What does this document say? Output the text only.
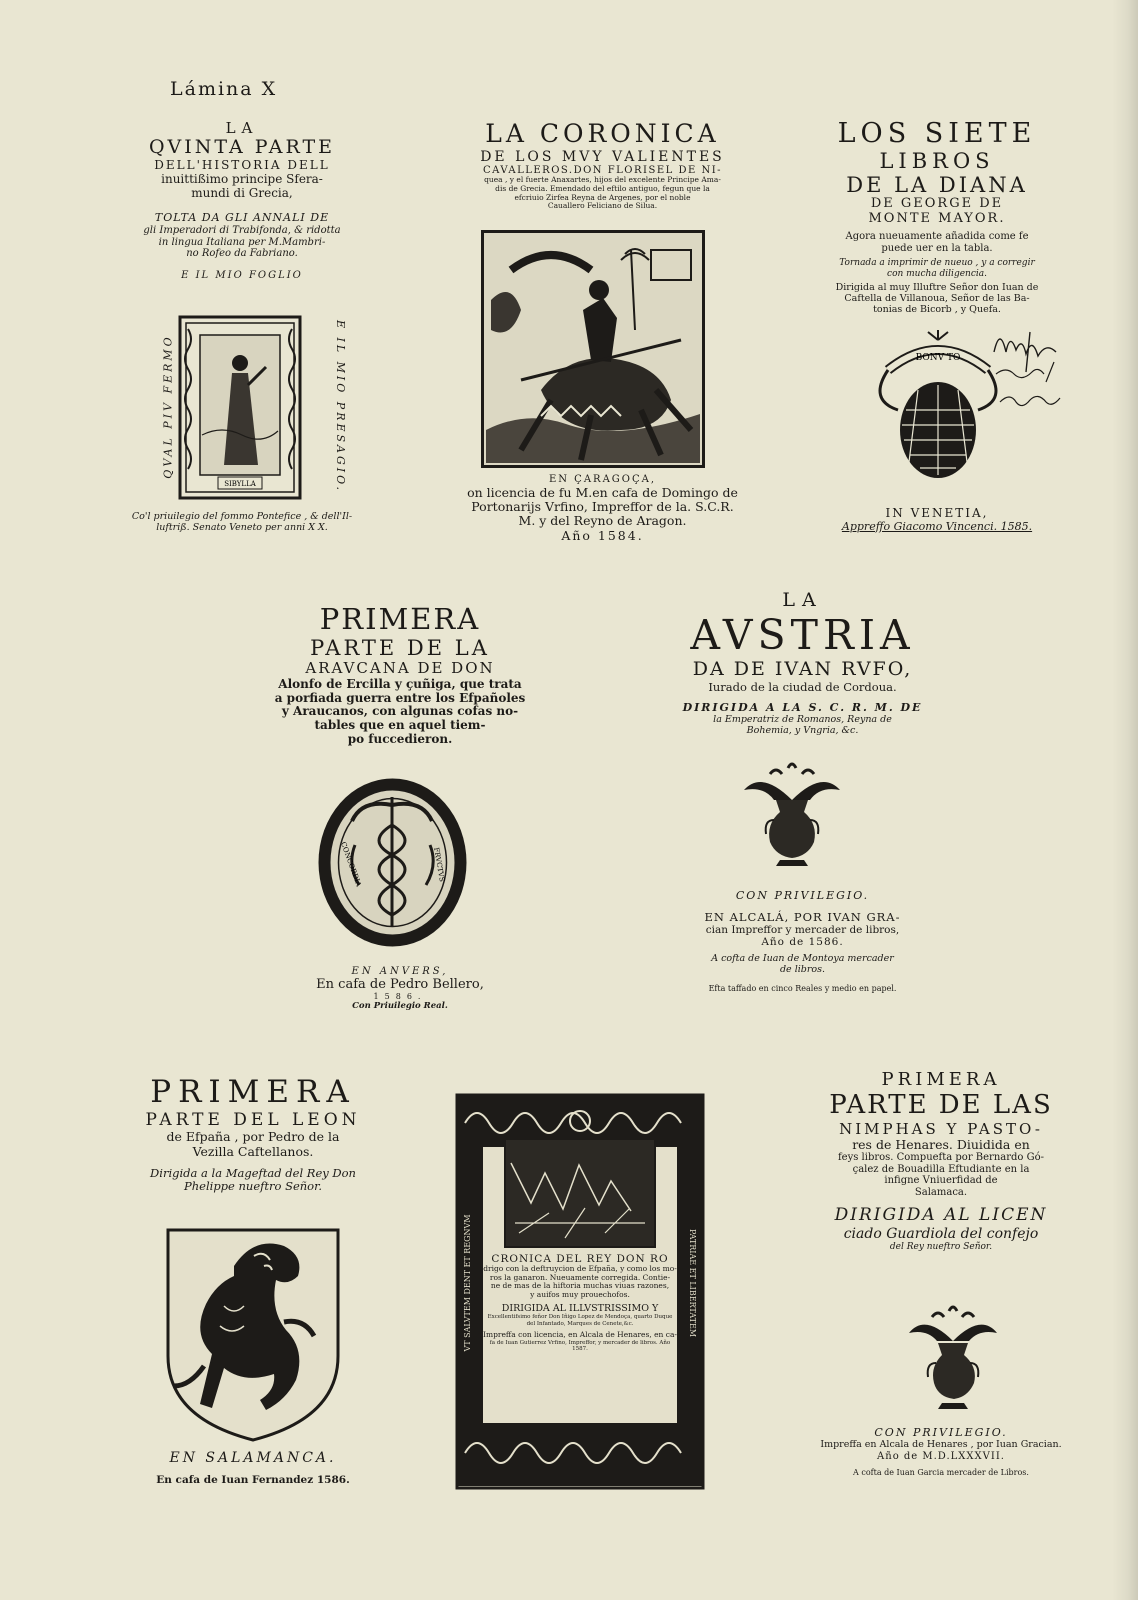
Lámina X
LA
QVINTA PARTE
DELL'HISTORIA DELL
inuittißimo principe Sfera-
mundi di Grecia,
TOLTA DA GLI ANNALI DE
gli Imperadori di Trabifonda, & ridotta
in lingua Italiana per M.Mambri-
no Rofeo da Fabriano.
E IL MIO FOGLIO
SIBYLLA
QVAL PIV FERMO	E IL MIO PRESAGIO.
Co'l priuilegio del fommo Pontefice , & dell'Il-
luftriß. Senato Veneto per anni X X.
LA CORONICA
DE LOS MVY VALIENTES
CAVALLEROS.DON FLORISEL DE NI-
quea , y el fuerte Anaxartes, hijos del excelente Principe Ama-
dis de Grecia. Emendado del eftilo antiguo, fegun que la
efcriuio Zirfea Reyna de Argenes, por el noble
Cauallero Feliciano de Silua.
EN ÇARAGOÇA,
on licencia de fu M.en cafa de Domingo de
Portonarijs Vrfino, Impreffor de la. S.C.R.
M. y del Reyno de Aragon.
Año 1584.
LOS SIETE
LIBROS
DE LA DIANA
DE GEORGE DE
MONTE MAYOR.
Agora nueuamente añadida come fe
puede uer en la tabla.
Tornada a imprimir de nueuo , y a corregir
con mucha diligencia.
Dirigida al muy Illuftre Señor don Iuan de
Caftella de Villanoua, Señor de las Ba-
tonias de Bicorb , y Quefa.
BONV TO
IN VENETIA,
Appreffo Giacomo Vincenci. 1585.
PRIMERA
PARTE DE LA
ARAVCANA DE DON
Alonfo de Ercilla y çuñiga, que trata
a porfiada guerra entre los Efpañoles
y Araucanos, con algunas cofas no-
tables que en aquel tiem-
po fuccedieron.
CONCORDIA	FRVCTVS
EN ANVERS,
En cafa de Pedro Bellero,
1586.
Con Priuilegio Real.
LA
AVSTRIA
DA DE IVAN RVFO,
Iurado de la ciudad de Cordoua.
DIRIGIDA A LA S. C. R. M. DE
la Emperatriz de Romanos, Reyna de
Bohemia, y Vngria, &c.
CON PRIVILEGIO.
EN ALCALÁ, POR IVAN GRA-
cian Impreffor y mercader de libros,
Año de 1586.
A cofta de Iuan de Montoya mercader
de libros.
Efta taffado en cinco Reales y medio en papel.
PRIMERA
PARTE DEL LEON
de Efpaña , por Pedro de la
Vezilla Caftellanos.
Dirigida a la Mageftad del Rey Don
Phelippe nueftro Señor.
EN SALAMANCA.
En cafa de Iuan Fernandez 1586.
VT SALVTEM DENT ET REGNVM	PATRIAE ET LIBERTATEM
CRONICA DEL REY DON RO
drigo con la deftruycion de Efpaña, y como los mo-
ros la ganaron. Nueuamente corregida. Contie-
ne de mas de la hiftoria muchas viuas razones,
y auifos muy prouechofos.
DIRIGIDA AL ILLVSTRISSIMO Y
Excellentifsimo feñor Don Iñigo Lopez de Mendoça, quarto Duque
del Infantado, Marques de Cenete,&c.
Impreffa con licencia, en Alcala de Henares, en ca-
fa de Iuan Gutierrez Vrfino, Impreffor, y mercader de libros. Año 1587.
PRIMERA
PARTE DE LAS
NIMPHAS Y PASTO-
res de Henares. Diuidida en
feys libros. Compuefta por Bernardo Gó-
çalez de Bouadilla Eftudiante en la
infigne Vniuerfidad de
Salamaca.
DIRIGIDA AL LICEN
ciado Guardiola del confejo
del Rey nueftro Señor.
CON PRIVILEGIO.
Impreffa en Alcala de Henares , por Iuan Gracian.
Año de M.D.LXXXVII.
A cofta de Iuan Garcia mercader de Libros.
